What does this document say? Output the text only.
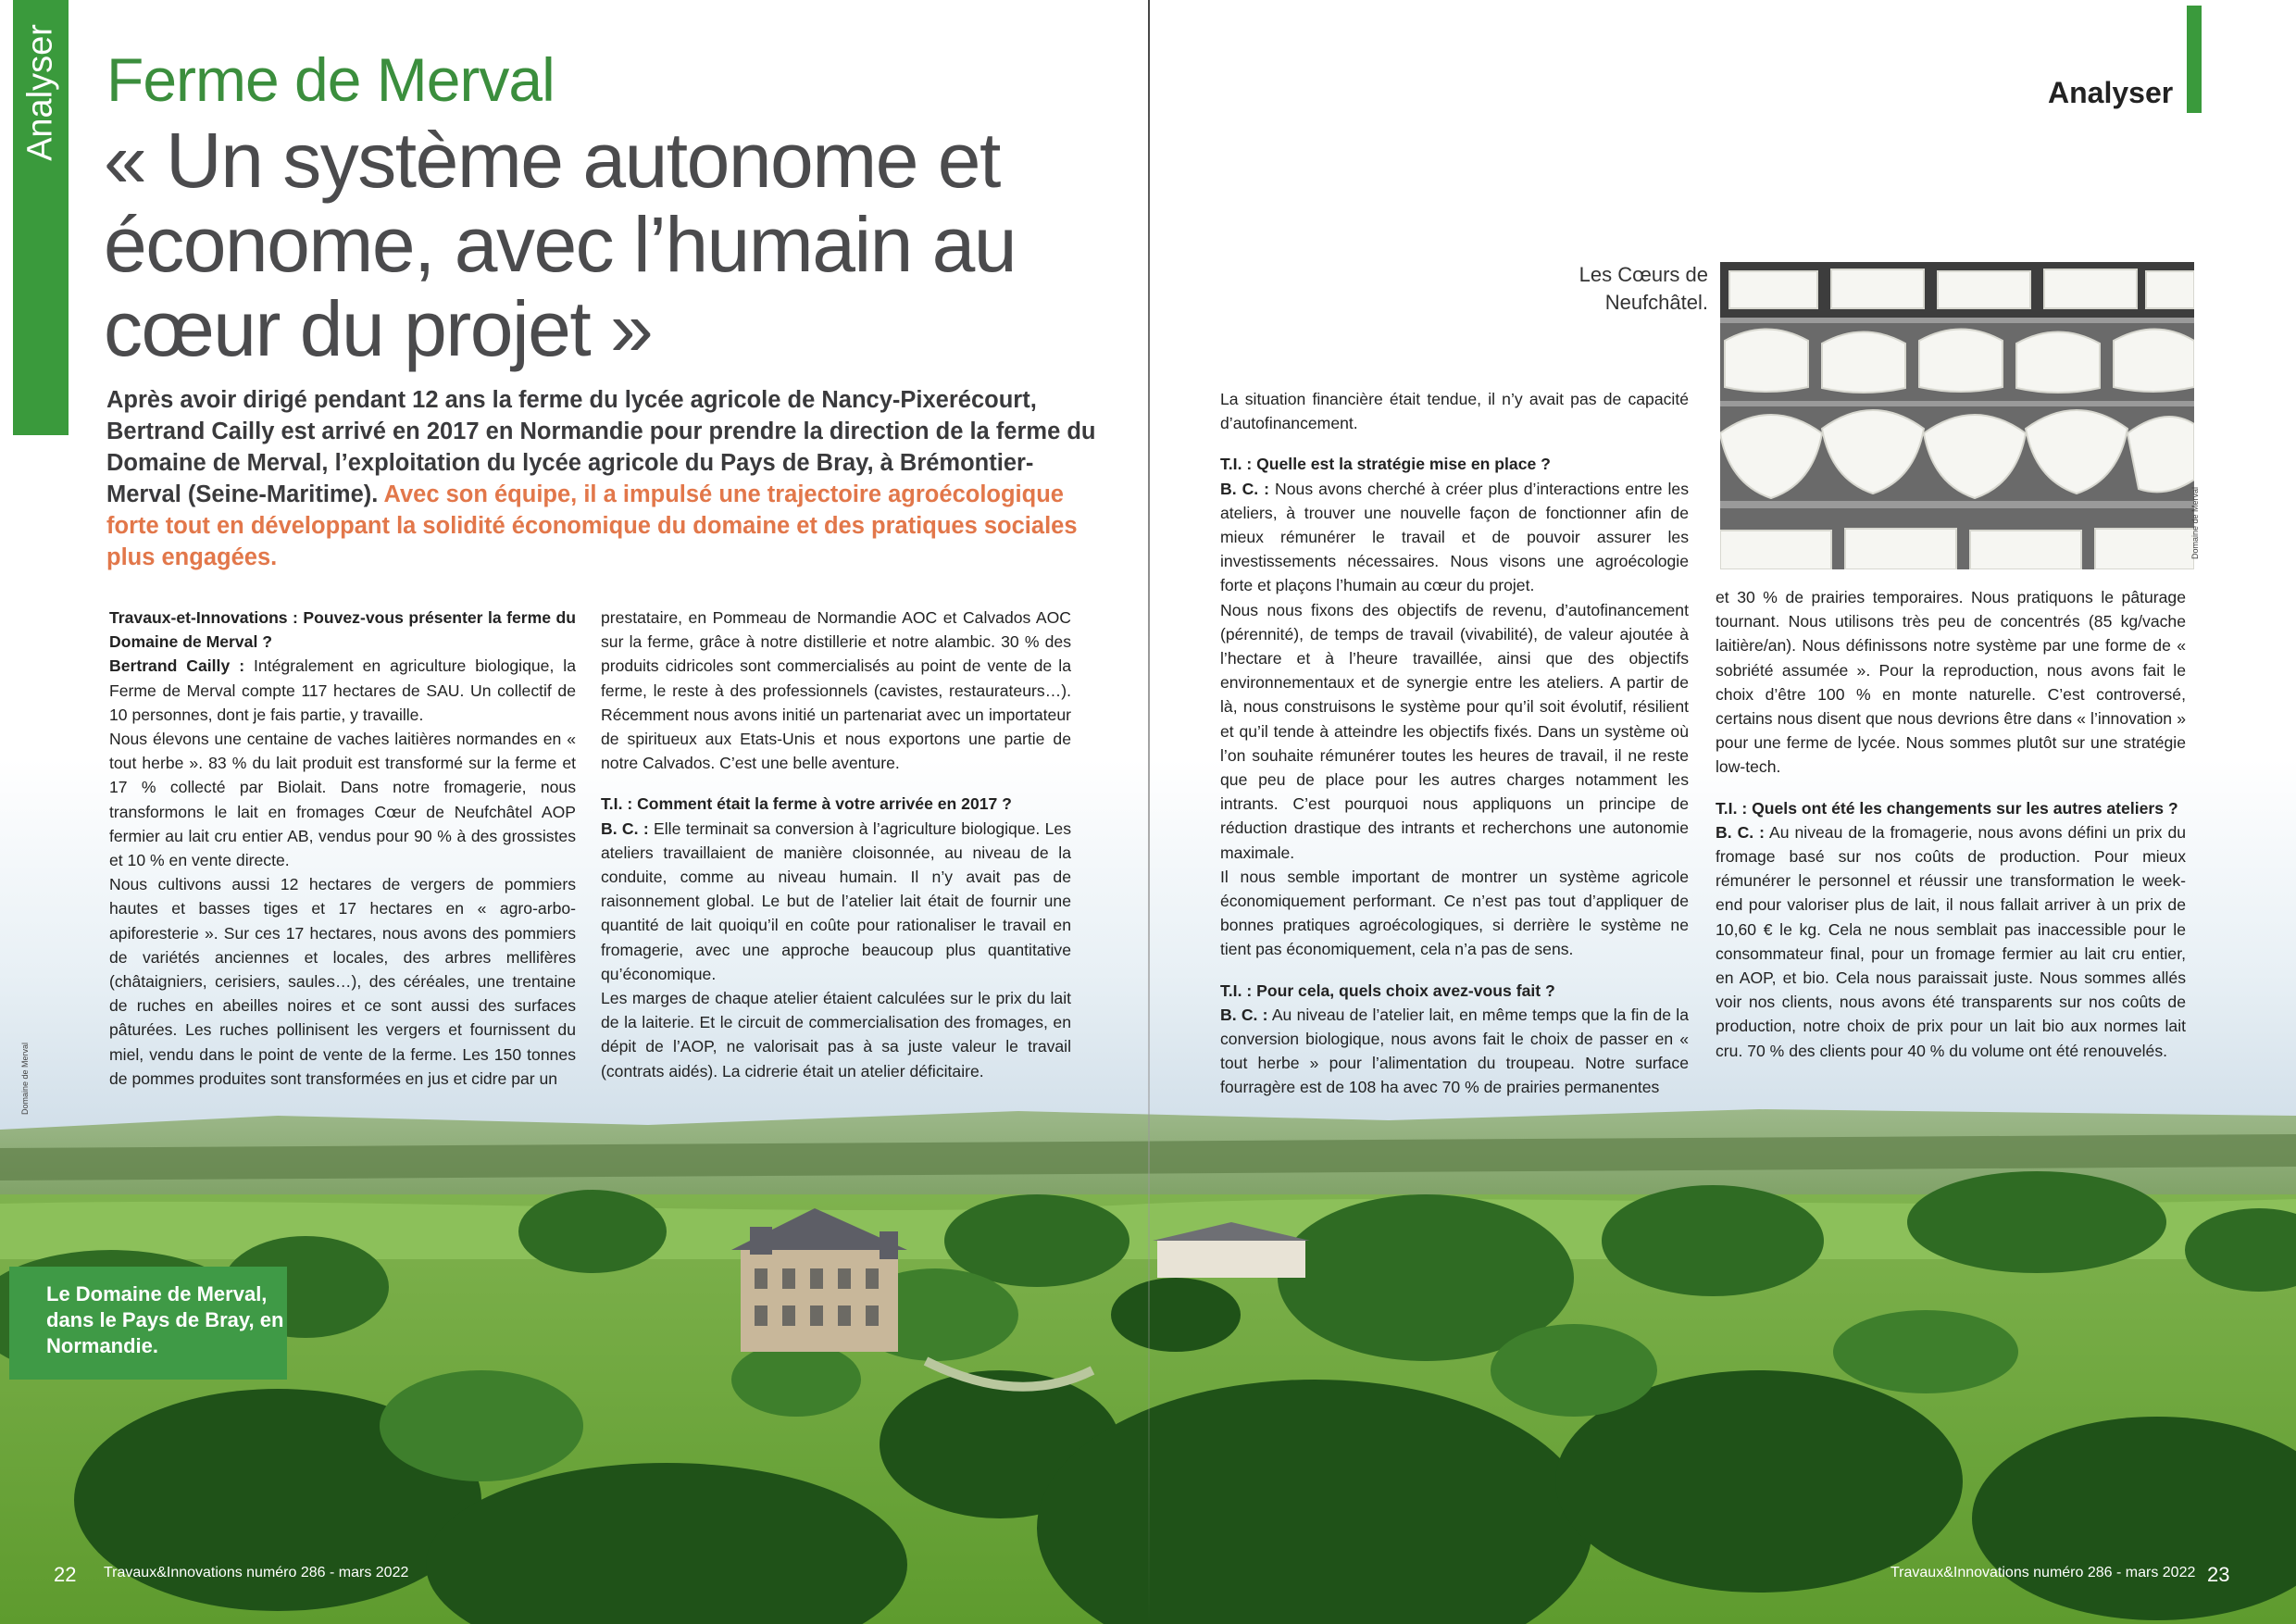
Analyser Ferme de Merval
« Un système autonome et économe, avec l’humain au cœur du projet »

Après avoir dirigé pendant 12 ans la ferme du lycée agricole de Nancy-Pixerécourt, Bertrand Cailly est arrivé en 2017 en Normandie pour prendre la direction de la ferme du Domaine de Merval, l’exploitation du lycée agricole du Pays de Bray, à Brémontier-Merval (Seine-Maritime). Avec son équipe, il a impulsé une trajectoire agroécologique forte tout en développant la solidité économique du domaine et des pratiques sociales plus engagées.

Travaux-et-Innovations : Pouvez-vous présenter la ferme du Domaine de Merval ?
Bertrand Cailly : Intégralement en agriculture biologique, la Ferme de Merval compte 117 hectares de SAU. Un collectif de 10 personnes, dont je fais partie, y travaille.
Nous élevons une centaine de vaches laitières normandes en « tout herbe ». 83 % du lait produit est transformé sur la ferme et 17 % collecté par Biolait. Dans notre fromagerie, nous transformons le lait en fromages Cœur de Neufchâtel AOP fermier au lait cru entier AB, vendus pour 90 % à des grossistes et 10 % en vente directe.
Nous cultivons aussi 12 hectares de vergers de pommiers hautes et basses tiges et 17 hectares en « agro-arbo-apiforesterie ». Sur ces 17 hectares, nous avons des pommiers de variétés anciennes et locales, des arbres mellifères (châtaigniers, cerisiers, saules…), des céréales, une trentaine de ruches en abeilles noires et ce sont aussi des surfaces pâturées. Les ruches pollinisent les vergers et fournissent du miel, vendu dans le point de vente de la ferme. Les 150 tonnes de pommes produites sont transformées en jus et cidre par un
prestataire, en Pommeau de Normandie AOC et Calvados AOC sur la ferme, grâce à notre distillerie et notre alambic. 30 % des produits cidricoles sont commercialisés au point de vente de la ferme, le reste à des professionnels (cavistes, restaurateurs…). Récemment nous avons initié un partenariat avec un importateur de spiritueux aux Etats-Unis et nous exportons une partie de notre Calvados. C’est une belle aventure.
T.I. : Comment était la ferme à votre arrivée en 2017 ?
B. C. : Elle terminait sa conversion à l’agriculture biologique. Les ateliers travaillaient de manière cloisonnée, au niveau de la conduite, comme au niveau humain. Il n’y avait pas de raisonnement global. Le but de l’atelier lait était de fournir une quantité de lait quoiqu’il en coûte pour rationaliser le travail en fromagerie, avec une approche beaucoup plus quantitative qu’économique.
Les marges de chaque atelier étaient calculées sur le prix du lait de la laiterie. Et le circuit de commercialisation des fromages, en dépit de l’AOP, ne valorisait pas à sa juste valeur le travail (contrats aidés). La cidrerie était un atelier déficitaire.
Domaine de Merval
Le Domaine de Merval, dans le Pays de Bray, en Normandie.
22 Travaux&Innovations numéro 286 - mars 2022
Analyser
Les Cœurs de Neufchâtel.
Domaine de Merval
La situation financière était tendue, il n’y avait pas de capacité d’autofinancement.
T.I. : Quelle est la stratégie mise en place ?
B. C. : Nous avons cherché à créer plus d’interactions entre les ateliers, à trouver une nouvelle façon de fonctionner afin de mieux rémunérer le travail et de pouvoir assurer les investissements nécessaires. Nous visons une agroécologie forte et plaçons l’humain au cœur du projet.
Nous nous fixons des objectifs de revenu, d’autofinancement (pérennité), de temps de travail (vivabilité), de valeur ajoutée à l’hectare et à l’heure travaillée, ainsi que des objectifs environnementaux et de synergie entre les ateliers. A partir de là, nous construisons le système pour qu’il soit évolutif, résilient et qu’il tende à atteindre les objectifs fixés. Dans un système où l’on souhaite rémunérer toutes les heures de travail, il ne reste que peu de place pour les autres charges notamment les intrants. C’est pourquoi nous appliquons un principe de réduction drastique des intrants et recherchons une autonomie maximale.
Il nous semble important de montrer un système agricole économiquement performant. Ce n’est pas tout d’appliquer de bonnes pratiques agroécologiques, si derrière le système ne tient pas économiquement, cela n’a pas de sens.
T.I. : Pour cela, quels choix avez-vous fait ?
B. C. : Au niveau de l’atelier lait, en même temps que la fin de la conversion biologique, nous avons fait le choix de passer en « tout herbe » pour l’alimentation du troupeau. Notre surface fourragère est de 108 ha avec 70 % de prairies permanentes
et 30 % de prairies temporaires. Nous pratiquons le pâturage tournant. Nous utilisons très peu de concentrés (85 kg/vache laitière/an). Nous définissons notre système par une forme de « sobriété assumée ». Pour la reproduction, nous avons fait le choix d’être 100 % en monte naturelle. C’est controversé, certains nous disent que nous devrions être dans « l’innovation » pour une ferme de lycée. Nous sommes plutôt sur une stratégie low-tech.
T.I. : Quels ont été les changements sur les autres ateliers ?
B. C. : Au niveau de la fromagerie, nous avons défini un prix du fromage basé sur nos coûts de production. Pour mieux rémunérer le personnel et réussir une transformation le week-end pour valoriser plus de lait, il nous fallait arriver à un prix de 10,60 € le kg. Cela ne nous semblait pas inaccessible pour le consommateur final, pour un fromage fermier au lait cru entier, en AOP, et bio. Cela nous paraissait juste. Nous sommes allés voir nos clients, nous avons été transparents sur nos coûts de production, notre choix de prix pour un lait bio aux normes lait cru. 70 % des clients pour 40 % du volume ont été renouvelés.
Travaux&Innovations numéro 286 - mars 2022 23
